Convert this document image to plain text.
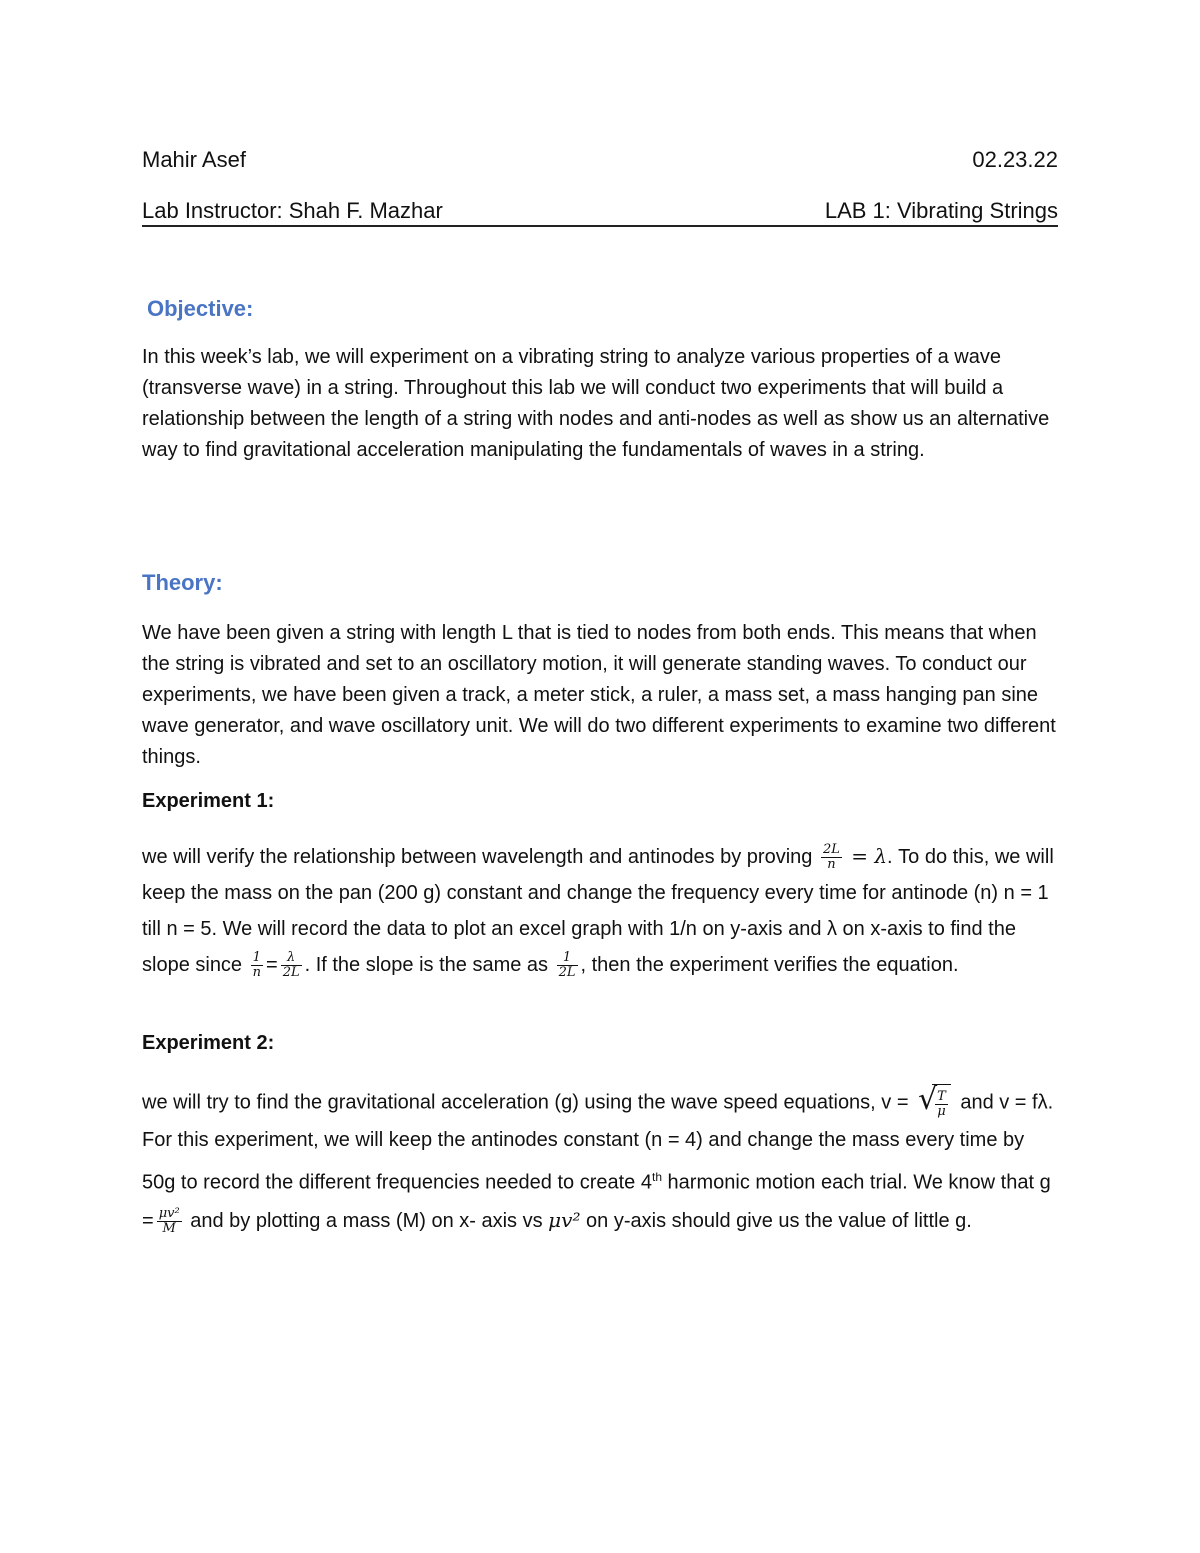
Mahir Asef	02.23.22
Lab Instructor: Shah F. Mazhar	LAB 1: Vibrating Strings
Objective:

In this week’s lab, we will experiment on a vibrating string to analyze various properties of a wave (transverse wave) in a string. Throughout this lab we will conduct two experiments that will build a relationship between the length of a string with nodes and anti-nodes as well as show us an alternative way to find gravitational acceleration manipulating the fundamentals of waves in a string.

Theory:

We have been given a string with length L that is tied to nodes from both ends. This means that when the string is vibrated and set to an oscillatory motion, it will generate standing waves. To conduct our experiments, we have been given a track, a meter stick, a ruler, a mass set, a mass hanging pan sine wave generator, and wave oscillatory unit. We will do two different experiments to examine two different things.

Experiment 1:

we will verify the relationship between wavelength and antinodes by proving $\frac{2L}{n} = \lambda$. To do this, we will keep the mass on the pan (200 g) constant and change the frequency every time for antinode (n) n = 1 till n = 5. We will record the data to plot an excel graph with 1/n on y-axis and λ on x-axis to find the slope since $\frac{1}{n} = \frac{\lambda}{2L}$ . If the slope is the same as $\frac{1}{2L}$ , then the experiment verifies the equation.

Experiment 2:

we will try to find the gravitational acceleration (g) using the wave speed equations, v = √
$\frac{T}{\mu}$ and v = fλ. For this experiment, we will keep the antinodes constant (n = 4) and change the mass every time by 50g to record the different frequencies needed to create 4th harmonic motion each trial. We know that $g = \frac{\text{μv²}}{M}$ and by plotting a mass (M) on x- axis vs μv² on y-axis should give us the value of little g.
